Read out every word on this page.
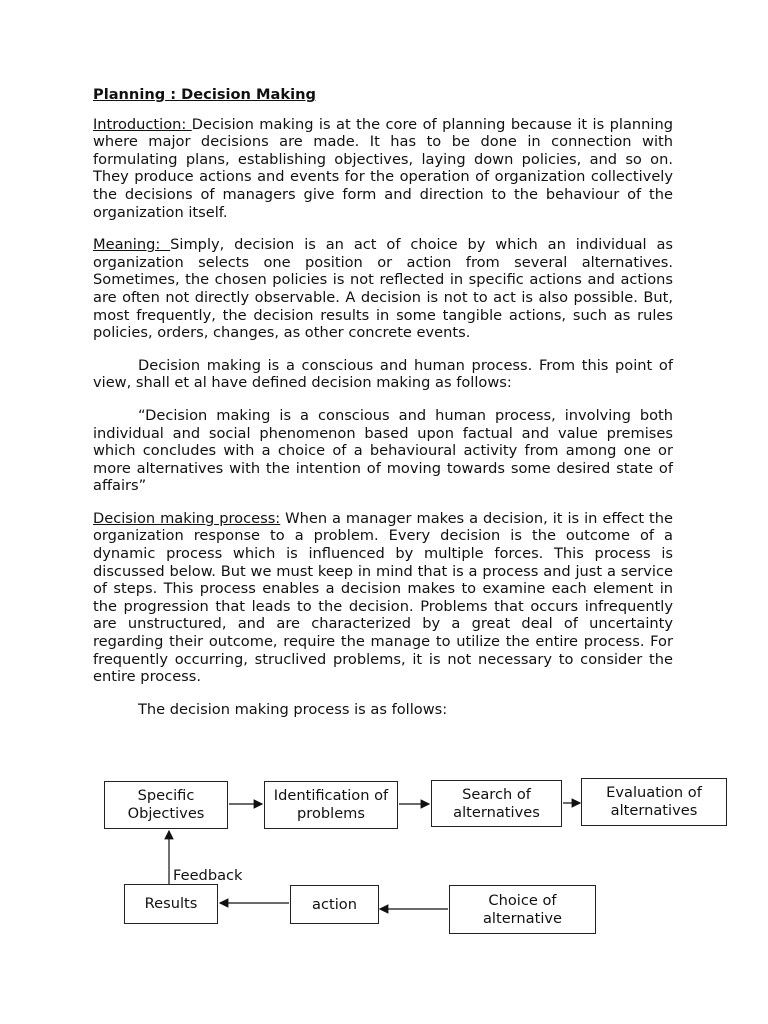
Planning : Decision Making

Introduction: Decision making is at the core of planning because it is planning where major decisions are made. It has to be done in connection with formulating plans, establishing objectives, laying down policies, and so on. They produce actions and events for the operation of organization collectively the decisions of managers give form and direction to the behaviour of the organization itself.

Meaning: Simply, decision is an act of choice by which an individual as organization selects one position or action from several alternatives. Sometimes, the chosen policies is not reflected in specific actions and actions are often not directly observable. A decision is not to act is also possible. But, most frequently, the decision results in some tangible actions, such as rules policies, orders, changes, as other concrete events.

Decision making is a conscious and human process. From this point of view, shall et al have defined decision making as follows:

“Decision making is a conscious and human process, involving both individual and social phenomenon based upon factual and value premises which concludes with a choice of a behavioural activity from among one or more alternatives with the intention of moving towards some desired state of affairs”

Decision making process: When a manager makes a decision, it is in effect the organization response to a problem. Every decision is the outcome of a dynamic process which is influenced by multiple forces. This process is discussed below. But we must keep in mind that is a process and just a service of steps. This process enables a decision makes to examine each element in the progression that leads to the decision. Problems that occurs infrequently are unstructured, and are characterized by a great deal of uncertainty regarding their outcome, require the manage to utilize the entire process. For frequently occurring, struclived problems, it is not necessary to consider the entire process.

The decision making process is as follows:

Specific Objectives
Identification of problems
Search of alternatives
Evaluation of alternatives
Choice of alternative
action
Results
Feedback
